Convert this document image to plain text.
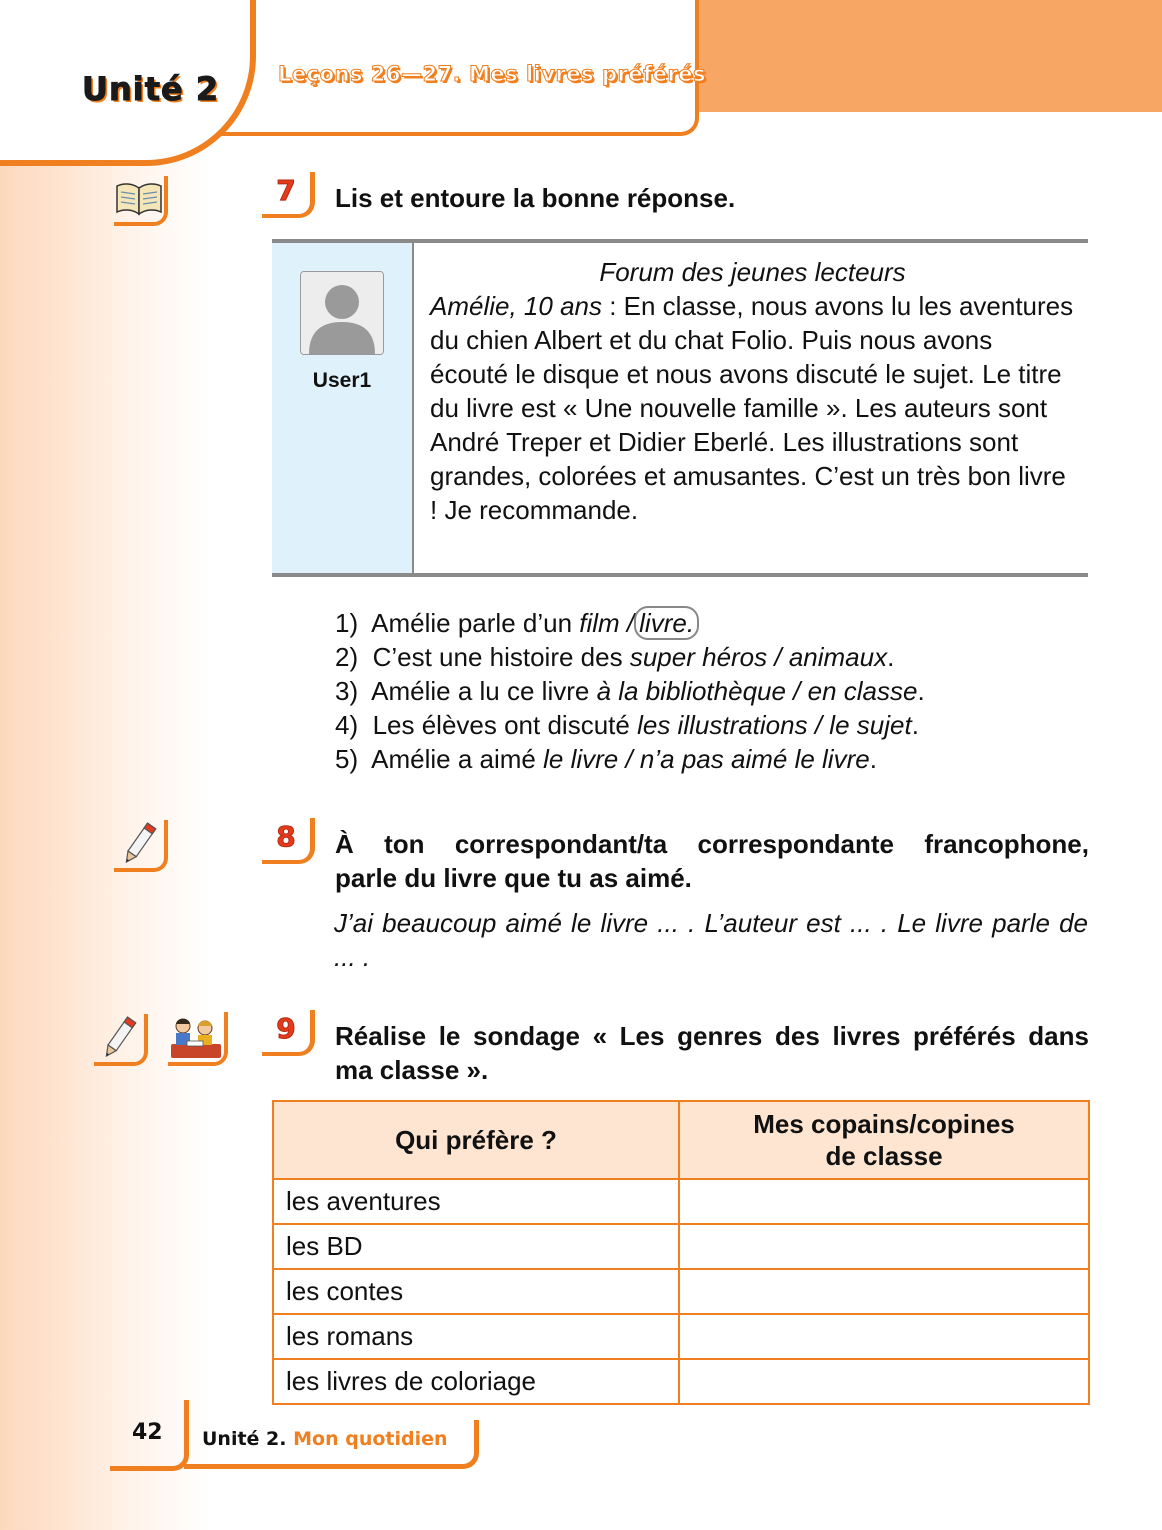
Unité 2	Leçons 26—27. Mes livres préférés
7 Lis et entoure la bonne réponse.
User1
Forum des jeunes lecteurs
Amélie, 10 ans : En classe, nous avons lu les aventures du chien Albert et du chat Folio. Puis nous avons écouté le disque et nous avons discuté le sujet. Le titre du livre est « Une nouvelle famille ». Les auteurs sont André Treper et Didier Eberlé. Les illustrations sont grandes, colorées et amusantes. C’est un très bon livre ! Je recommande.
1) Amélie parle d’un film / livre.
2) C’est une histoire des super héros / animaux.
3) Amélie a lu ce livre à la bibliothèque / en classe.
4) Les élèves ont discuté les illustrations / le sujet.
5) Amélie a aimé le livre / n’a pas aimé le livre.
8 À ton correspondant/ta correspondante francophone,
parle du livre que tu as aimé.
J’ai beaucoup aimé le livre ... . L’auteur est ... . Le livre parle de ... .
9 Réalise le sondage « Les genres des livres préférés dans
ma classe ».
Qui préfère ?	Mes copains/copines
de classe
les aventures	
les BD	
les contes	
les romans	
les livres de coloriage	
42 Unité 2. Mon quotidien
